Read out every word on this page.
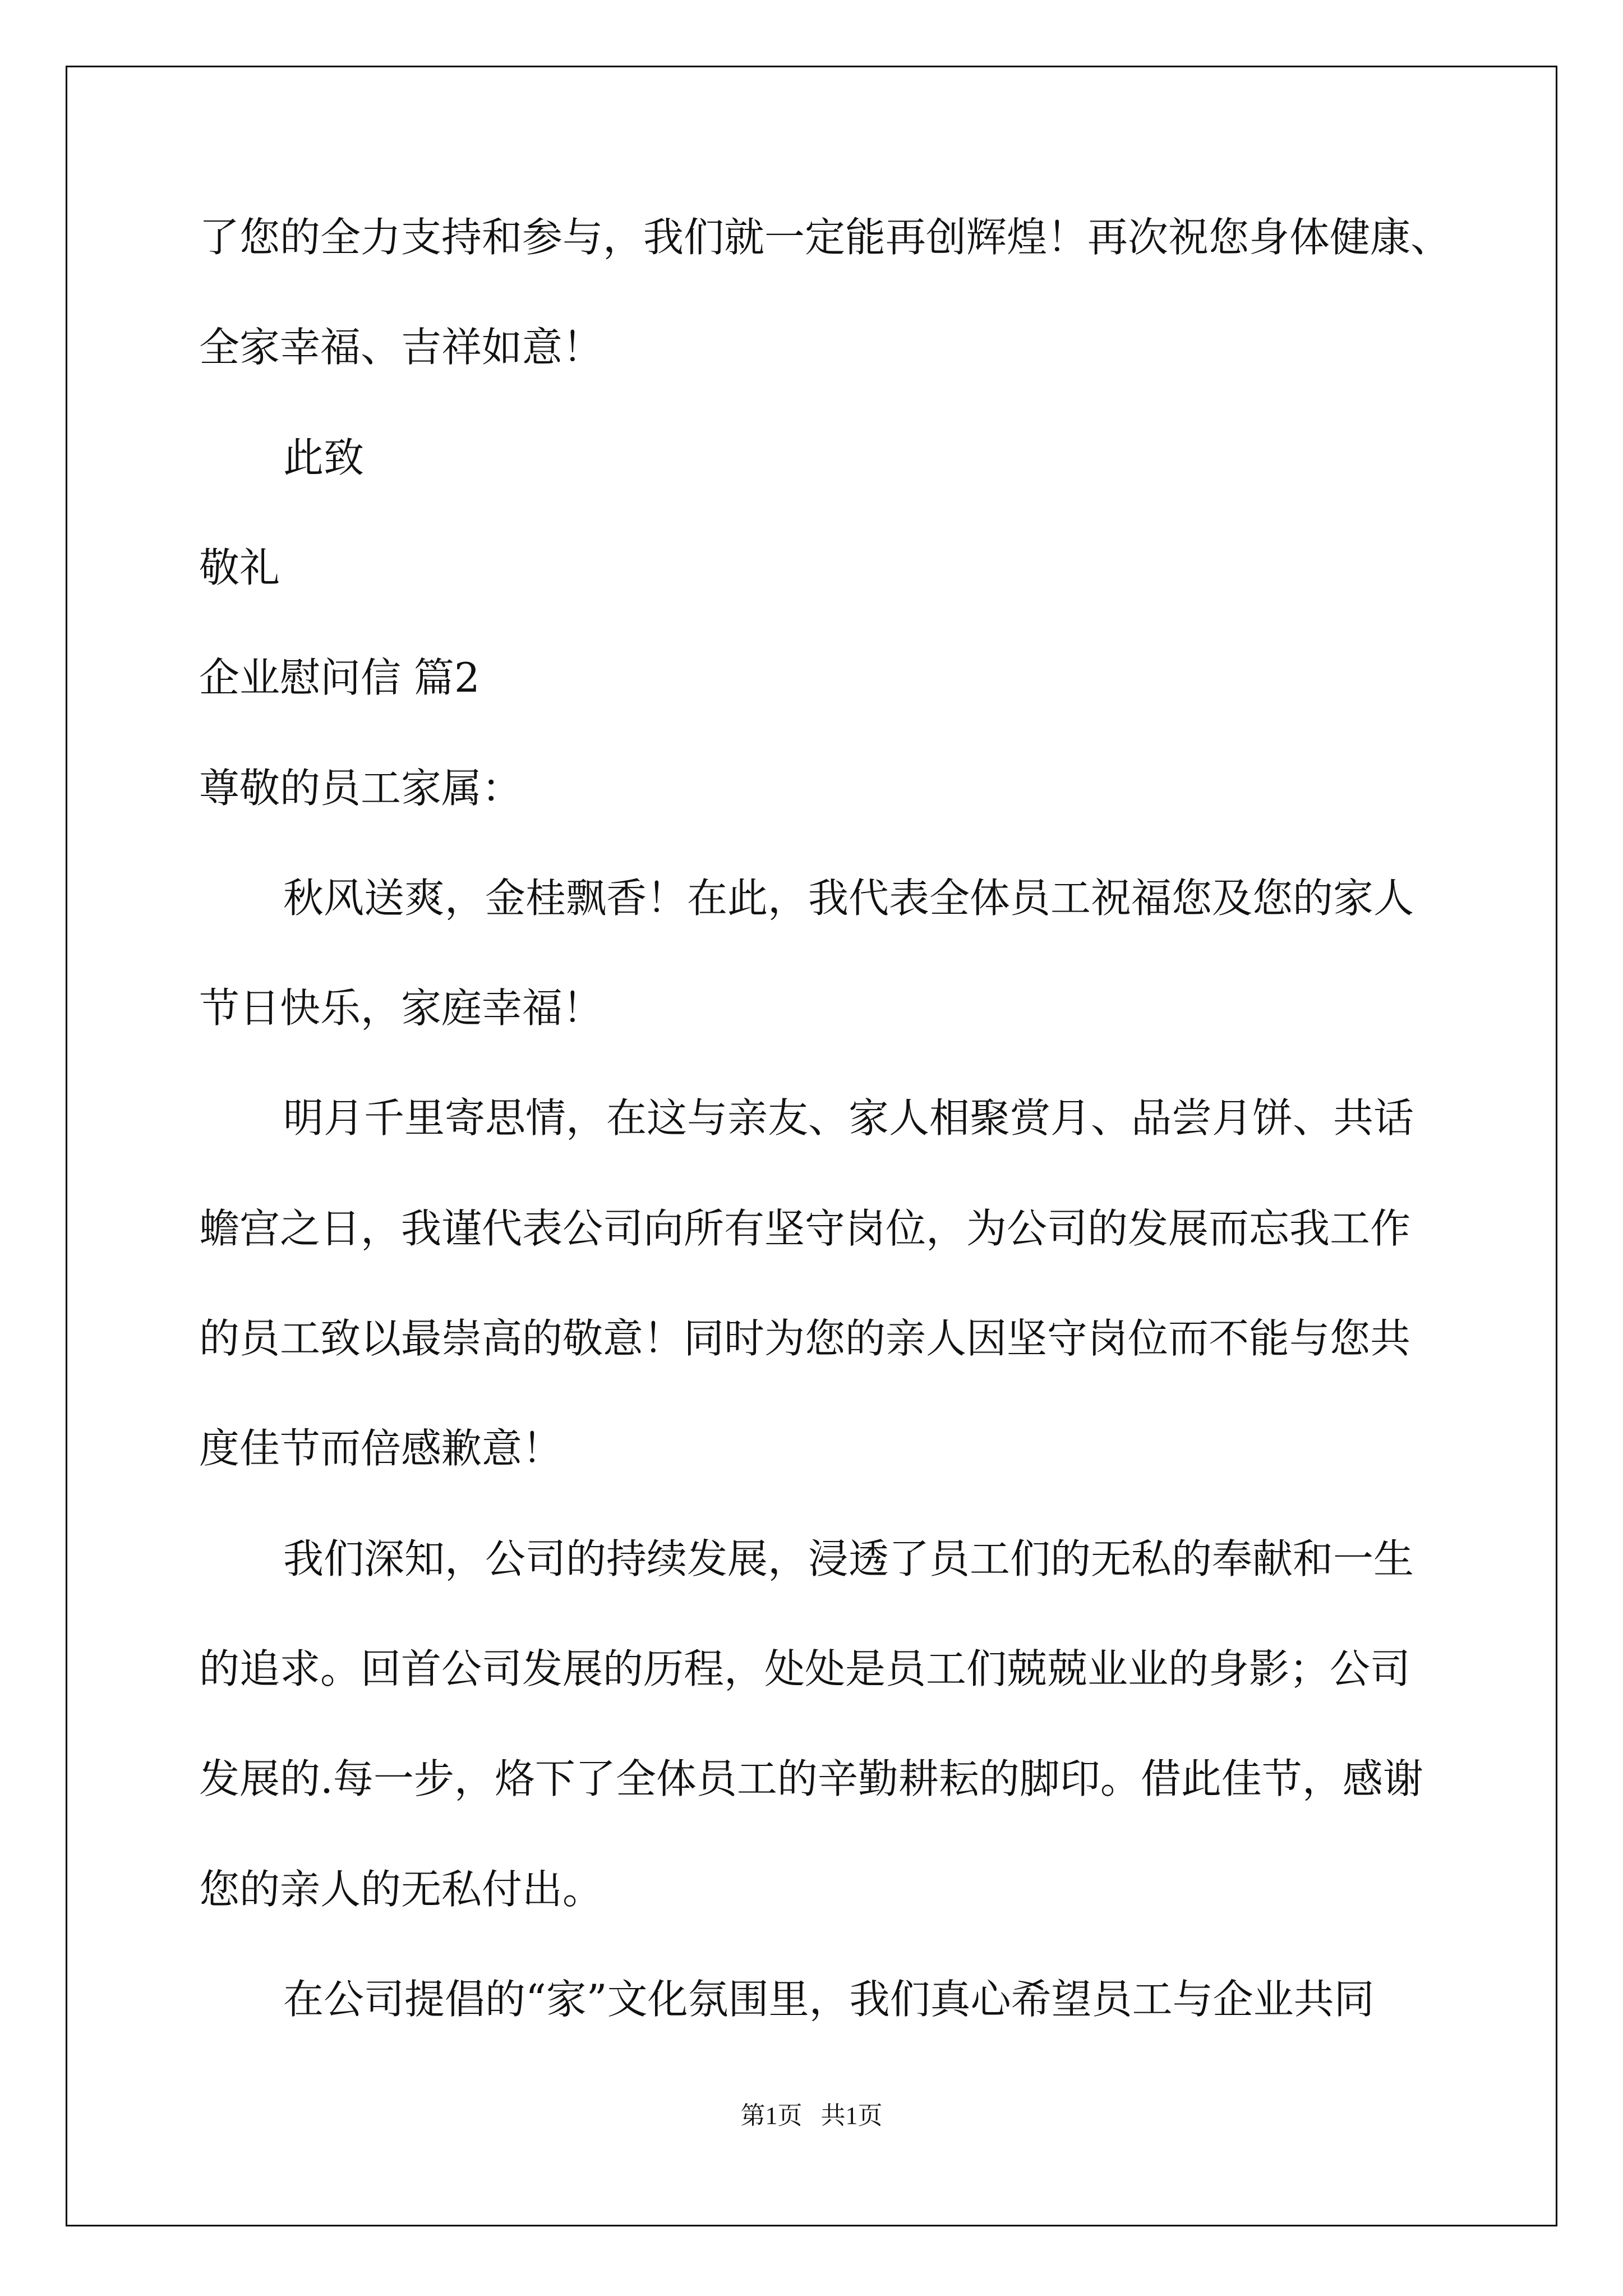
了您的全力支持和参与，我们就一定能再创辉煌！再次祝您身体健康、
全家幸福、吉祥如意！
此致
敬礼
企业慰问信 篇2
尊敬的员工家属：
秋风送爽，金桂飘香！在此，我代表全体员工祝福您及您的家人
节日快乐，家庭幸福！
明月千里寄思情，在这与亲友、家人相聚赏月、品尝月饼、共话
蟾宫之日，我谨代表公司向所有坚守岗位，为公司的发展而忘我工作
的员工致以最崇高的敬意！同时为您的亲人因坚守岗位而不能与您共
度佳节而倍感歉意！
我们深知，公司的持续发展，浸透了员工们的无私的奉献和一生
的追求。回首公司发展的历程，处处是员工们兢兢业业的身影；公司
发展的.每一步，烙下了全体员工的辛勤耕耘的脚印。借此佳节，感谢
您的亲人的无私付出。
在公司提倡的“家”文化氛围里，我们真心希望员工与企业共同
第1页   共1页
